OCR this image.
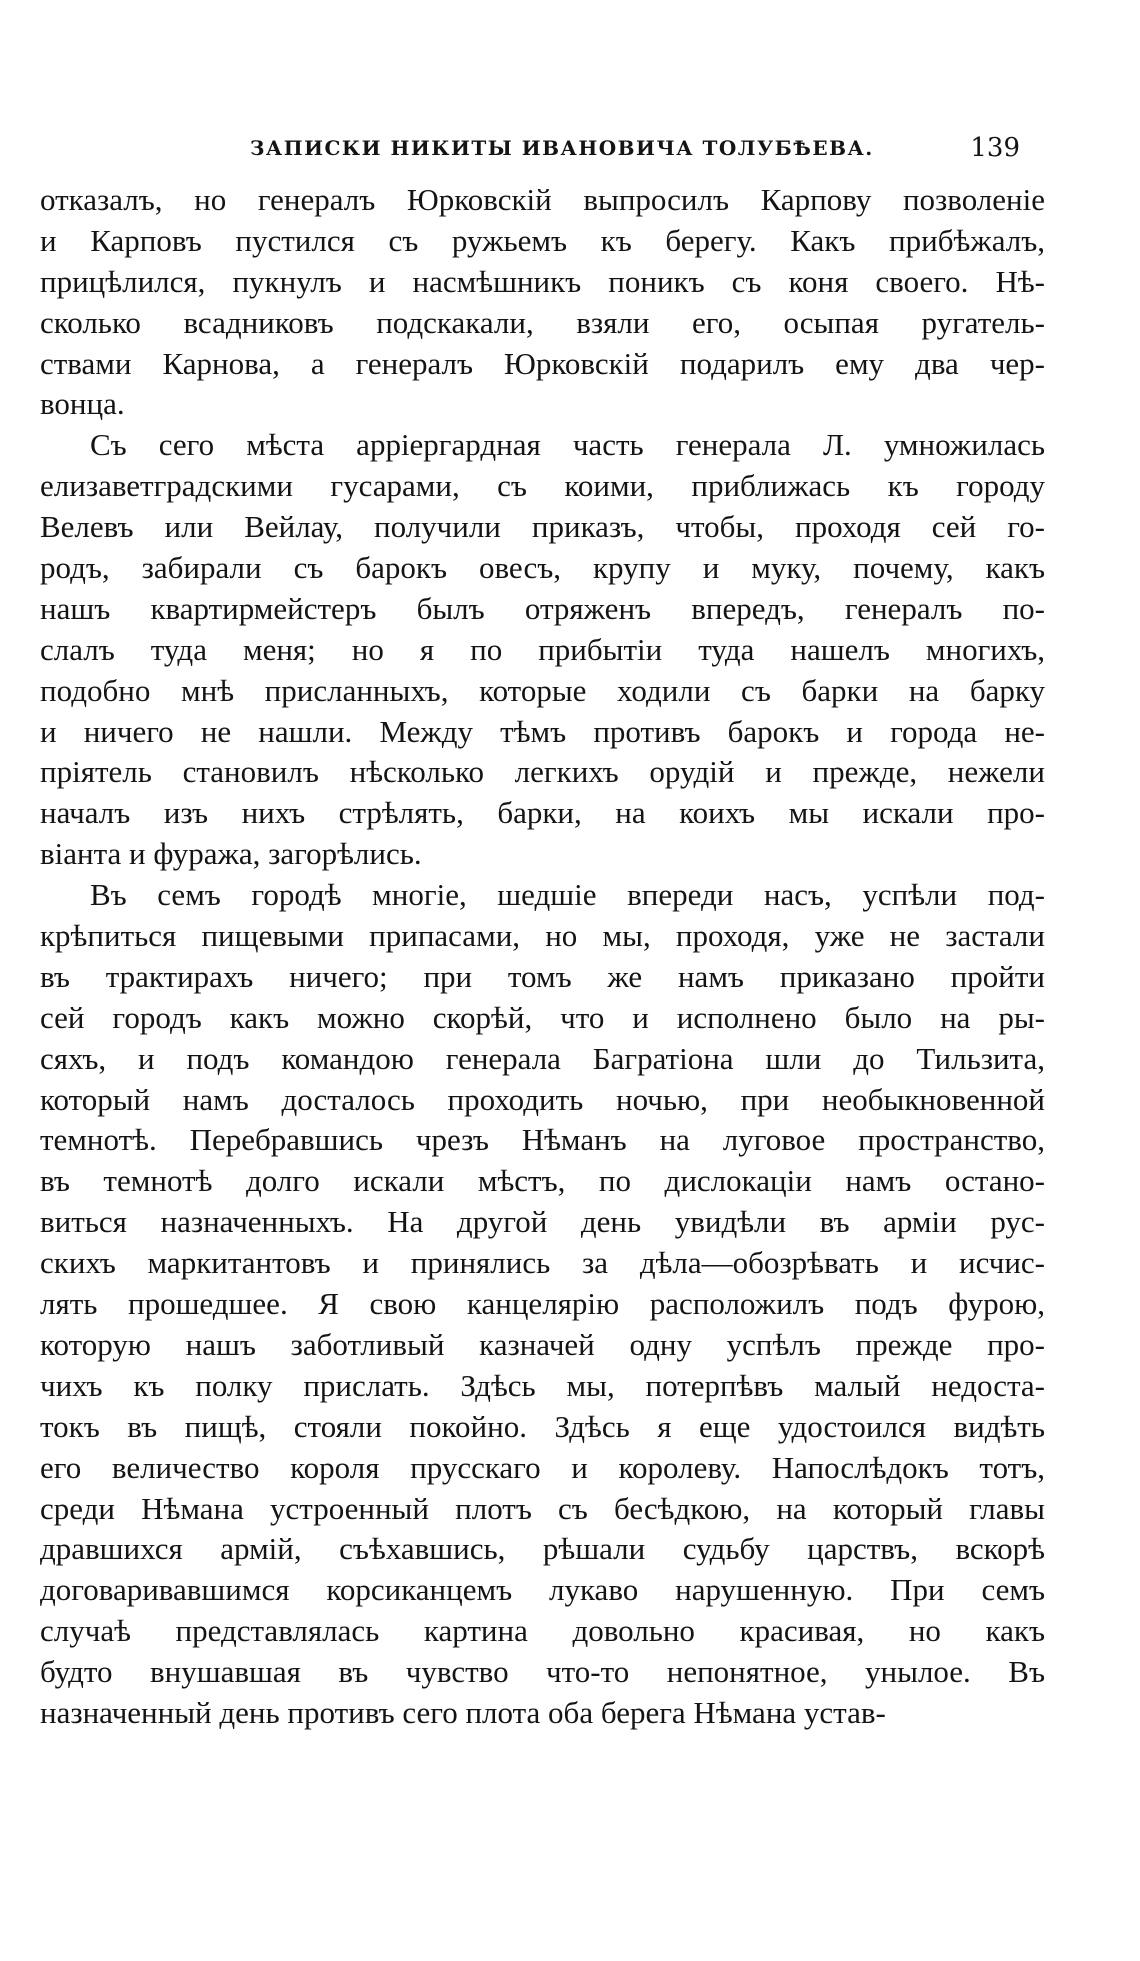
ЗАПИСКИ НИКИТЫ ИВАНОВИЧА ТОЛУБѢЕВА.	139
отказалъ, но генералъ Юрковскій выпросилъ Карпову позволеніе
и Карповъ пустился съ ружьемъ къ берегу. Какъ прибѣжалъ,
прицѣлился, пукнулъ и насмѣшникъ поникъ съ коня своего. Нѣ-
сколько всадниковъ подскакали, взяли его, осыпая ругатель-
ствами Карнова, а генералъ Юрковскій подарилъ ему два чер-
вонца.
Съ сего мѣста арріергардная часть генерала Л. умножилась
елизаветградскими гусарами, съ коими, приближась къ городу
Велевъ или Вейлау, получили приказъ, чтобы, проходя сей го-
родъ, забирали съ барокъ овесъ, крупу и муку, почему, какъ
нашъ квартирмейстеръ былъ отряженъ впередъ, генералъ по-
слалъ туда меня; но я по прибытіи туда нашелъ многихъ,
подобно мнѣ присланныхъ, которые ходили съ барки на барку
и ничего не нашли. Между тѣмъ противъ барокъ и города не-
пріятель становилъ нѣсколько легкихъ орудій и прежде, нежели
началъ изъ нихъ стрѣлять, барки, на коихъ мы искали про-
віанта и фуража, загорѣлись.
Въ семъ городѣ многіе, шедшіе впереди насъ, успѣли под-
крѣпиться пищевыми припасами, но мы, проходя, уже не застали
въ трактирахъ ничего; при томъ же намъ приказано пройти
сей городъ какъ можно скорѣй, что и исполнено было на ры-
сяхъ, и подъ командою генерала Багратіона шли до Тильзита,
который намъ досталось проходить ночью, при необыкновенной
темнотѣ. Перебравшись чрезъ Нѣманъ на луговое пространство,
въ темнотѣ долго искали мѣстъ, по дислокаціи намъ остано-
виться назначенныхъ. На другой день увидѣли въ арміи рус-
скихъ маркитантовъ и принялись за дѣла—обозрѣвать и исчис-
лять прошедшее. Я свою канцелярію расположилъ подъ фурою,
которую нашъ заботливый казначей одну успѣлъ прежде про-
чихъ къ полку прислать. Здѣсь мы, потерпѣвъ малый недоста-
токъ въ пищѣ, стояли покойно. Здѣсь я еще удостоился видѣть
его величество короля прусскаго и королеву. Напослѣдокъ тотъ,
среди Нѣмана устроенный плотъ съ бесѣдкою, на который главы
дравшихся армій, съѣхавшись, рѣшали судьбу царствъ, вскорѣ
договаривавшимся корсиканцемъ лукаво нарушенную. При семъ
случаѣ представлялась картина довольно красивая, но какъ
будто внушавшая въ чувство что-то непонятное, унылое. Въ
назначенный день противъ сего плота оба берега Нѣмана устав-
